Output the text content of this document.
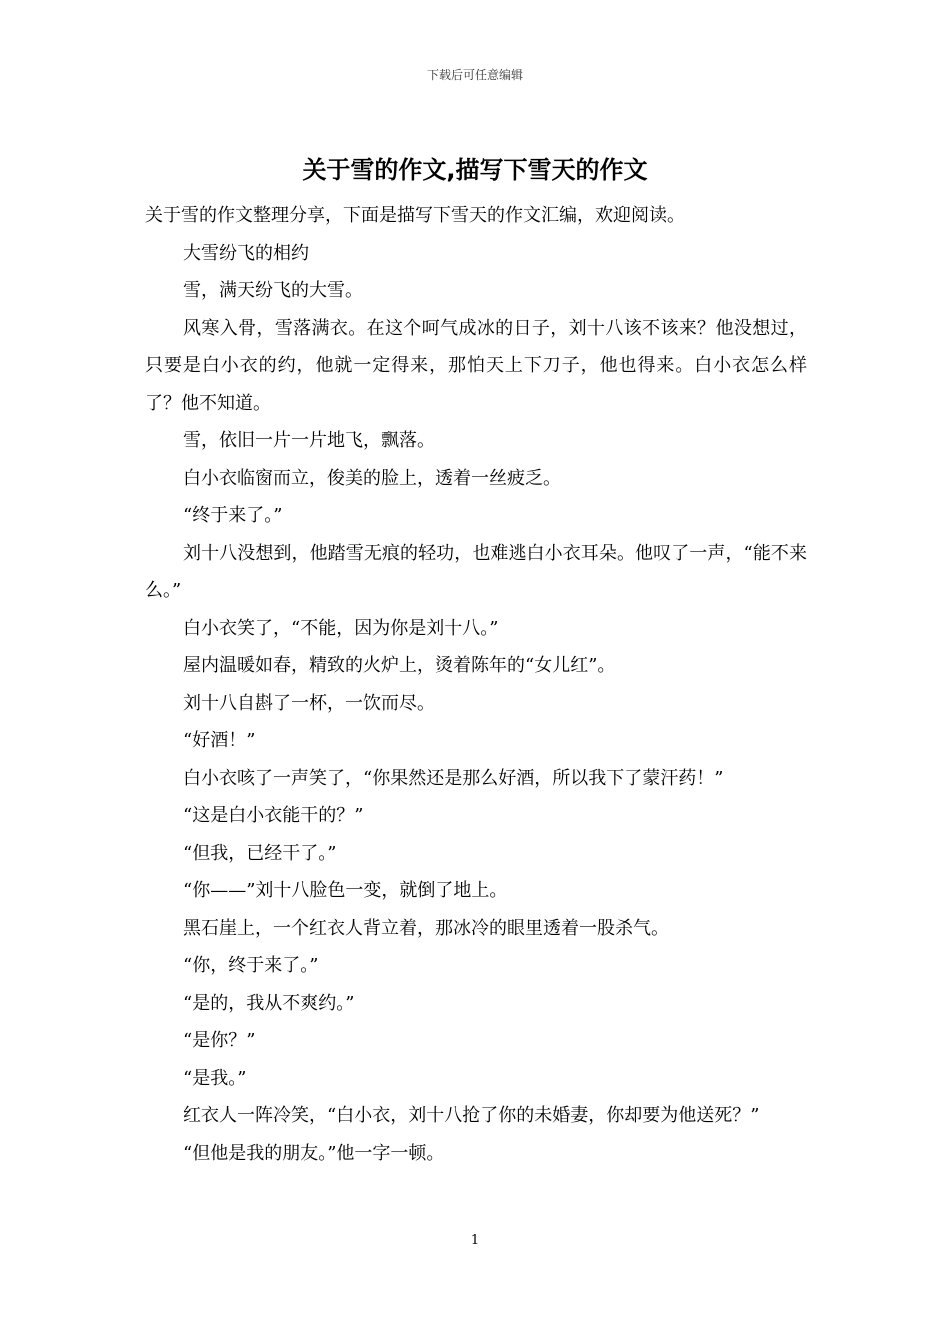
下载后可任意编辑
关于雪的作文,描写下雪天的作文

关于雪的作文整理分享，下面是描写下雪天的作文汇编，欢迎阅读。

大雪纷飞的相约

雪，满天纷飞的大雪。

风寒入骨，雪落满衣。在这个呵气成冰的日子，刘十八该不该来？他没想过，只要是白小衣的约，他就一定得来，那怕天上下刀子，他也得来。白小衣怎么样了？他不知道。

雪，依旧一片一片地飞，飘落。

白小衣临窗而立，俊美的脸上，透着一丝疲乏。

“终于来了。”

刘十八没想到，他踏雪无痕的轻功，也难逃白小衣耳朵。他叹了一声，“能不来么。”

白小衣笑了，“不能，因为你是刘十八。”

屋内温暖如春，精致的火炉上，烫着陈年的“女儿红”。

刘十八自斟了一杯，一饮而尽。

“好酒！”

白小衣咳了一声笑了，“你果然还是那么好酒，所以我下了蒙汗药！”

“这是白小衣能干的？”

“但我，已经干了。”

“你——”刘十八脸色一变，就倒了地上。

黑石崖上，一个红衣人背立着，那冰冷的眼里透着一股杀气。

“你，终于来了。”

“是的，我从不爽约。”

“是你？”

“是我。”

红衣人一阵冷笑，“白小衣，刘十八抢了你的未婚妻，你却要为他送死？”

“但他是我的朋友。”他一字一顿。

1
